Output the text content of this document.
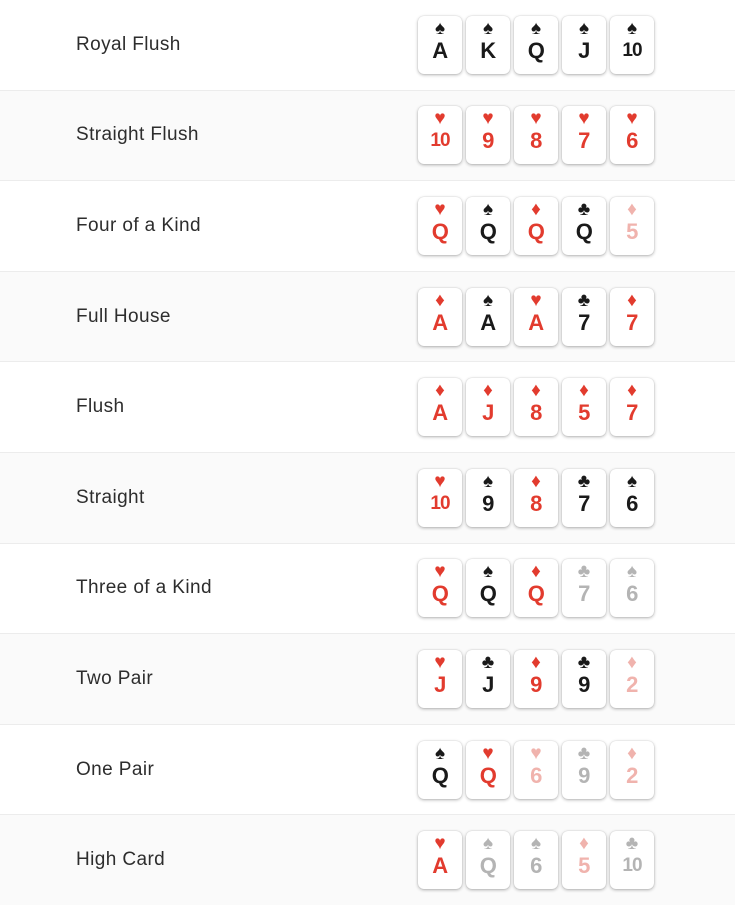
Royal Flush
♠
A
♠
K
♠
Q
♠
J
♠
10
Straight Flush
♥
10
♥
9
♥
8
♥
7
♥
6
Four of a Kind
♥
Q
♠
Q
♦
Q
♣
Q
♦
5
Full House
♦
A
♠
A
♥
A
♣
7
♦
7
Flush
♦
A
♦
J
♦
8
♦
5
♦
7
Straight
♥
10
♠
9
♦
8
♣
7
♠
6
Three of a Kind
♥
Q
♠
Q
♦
Q
♣
7
♠
6
Two Pair
♥
J
♣
J
♦
9
♣
9
♦
2
One Pair
♠
Q
♥
Q
♥
6
♣
9
♦
2
High Card
♥
A
♠
Q
♠
6
♦
5
♣
10
